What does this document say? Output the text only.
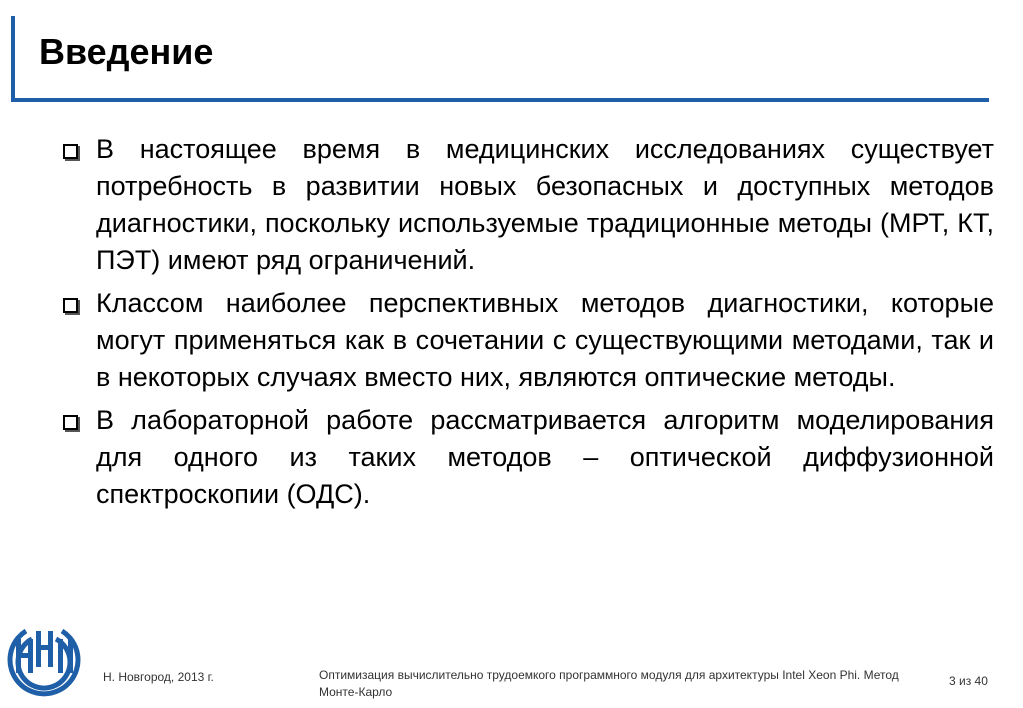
Введение
В настоящее время в медицинских исследованиях существует потребность в развитии новых безопасных и доступных методов диагностики, поскольку используемые традиционные методы (МРТ, КТ, ПЭТ) имеют ряд ограничений.
Классом наиболее перспективных методов диагностики, которые могут применяться как в сочетании с существующими методами, так и в некоторых случаях вместо них, являются оптические методы.
В лабораторной работе рассматривается алгоритм моделирования для одного из таких методов – оптической диффузионной спектроскопии (ОДС).
Н. Новгород, 2013 г.	Оптимизация вычислительно трудоемкого программного модуля для архитектуры Intel Xeon Phi. Метод Монте-Карло
3 из 40
